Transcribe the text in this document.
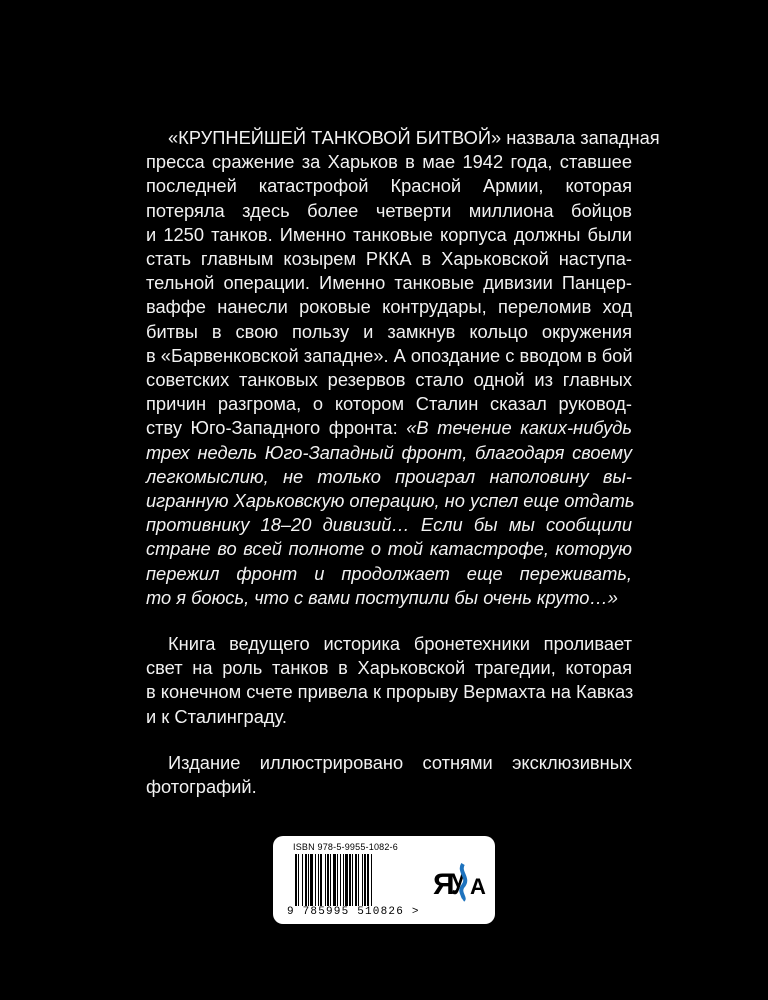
«КРУПНЕЙШЕЙ ТАНКОВОЙ БИТВОЙ» назвала западная
пресса сражение за Харьков в мае 1942 года, ставшее
последней катастрофой Красной Армии, которая
потеряла здесь более четверти миллиона бойцов
и 1250 танков. Именно танковые корпуса должны были
стать главным козырем РККА в Харьковской наступа-
тельной операции. Именно танковые дивизии Панцер-
ваффе нанесли роковые контрудары, переломив ход
битвы в свою пользу и замкнув кольцо окружения
в «Барвенковской западне». А опоздание с вводом в бой
советских танковых резервов стало одной из главных
причин разгрома, о котором Сталин сказал руковод-
ству Юго-Западного фронта: «В течение каких-нибудь
трех недель Юго-Западный фронт, благодаря своему
легкомыслию, не только проиграл наполовину вы-
игранную Харьковскую операцию, но успел еще отдать
противнику 18–20 дивизий… Если бы мы сообщили
стране во всей полноте о той катастрофе, которую
пережил фронт и продолжает еще переживать,
то я боюсь, что с вами поступили бы очень круто…»
Книга ведущего историка бронетехники проливает
свет на роль танков в Харьковской трагедии, которая
в конечном счете привела к прорыву Вермахта на Кавказ
и к Сталинграду.
Издание иллюстрировано сотнями эксклюзивных
фотографий.
ISBN 978-5-9955-1082-6
9 785995 510826 >
Я
У А
